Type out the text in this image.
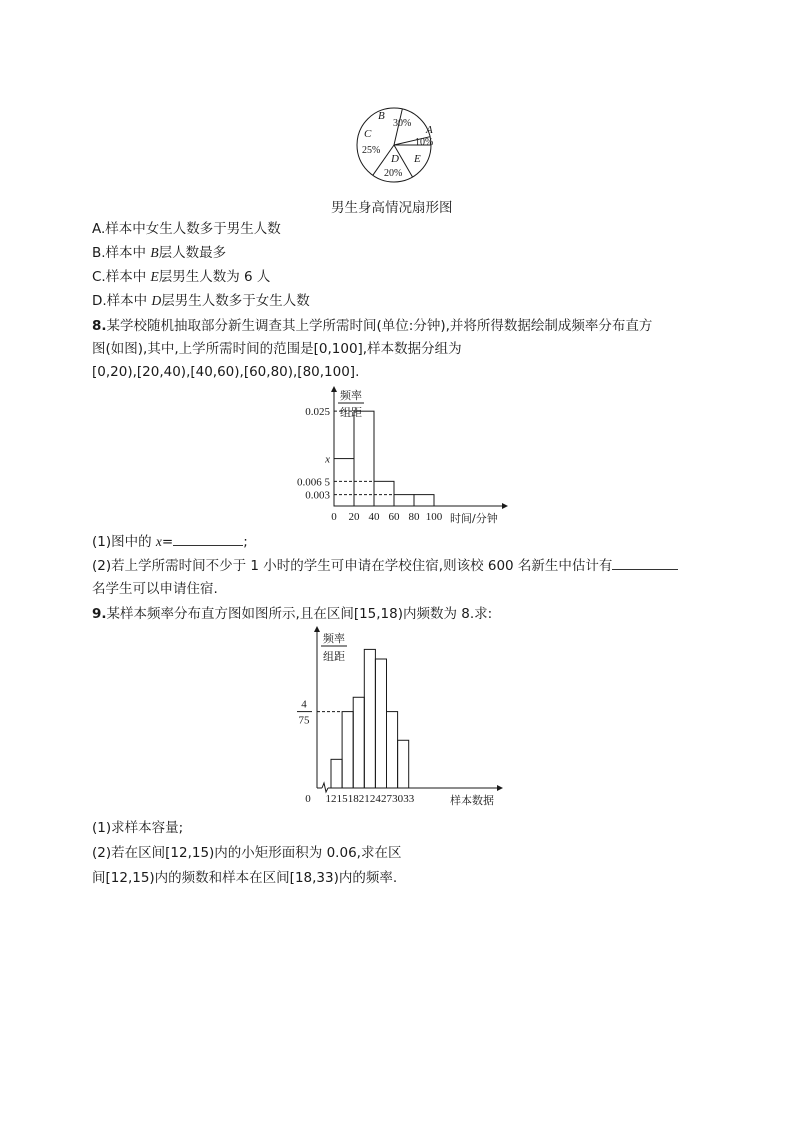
B
30%
A
10%
E
D
20%
C
25%
男生身高情况扇形图
A.样本中女生人数多于男生人数
B.样本中 B层人数最多
C.样本中 E层男生人数为 6 人
D.样本中 D层男生人数多于女生人数
8.某学校随机抽取部分新生调查其上学所需时间(单位:分钟),并将所得数据绘制成频率分布直方
图(如图),其中,上学所需时间的范围是[0,100],样本数据分组为
[0,20),[20,40),[40,60),[60,80),[80,100].
频率
组距
0.025
x
0.006 5
0.003
0 20 40 60 80 100 时间/分钟
(1)图中的 x=	;
(2)若上学所需时间不少于 1 小时的学生可申请在学校住宿,则该校 600 名新生中估计有
名学生可以申请住宿.
9.某样本频率分布直方图如图所示,且在区间[15,18)内频数为 8.求:
频率
组距
4
75
0 12 15 18 21 24 27 30 33	样本数据
(1)求样本容量;
(2)若在区间[12,15)内的小矩形面积为 0.06,求在区
间[12,15)内的频数和样本在区间[18,33)内的频率.
